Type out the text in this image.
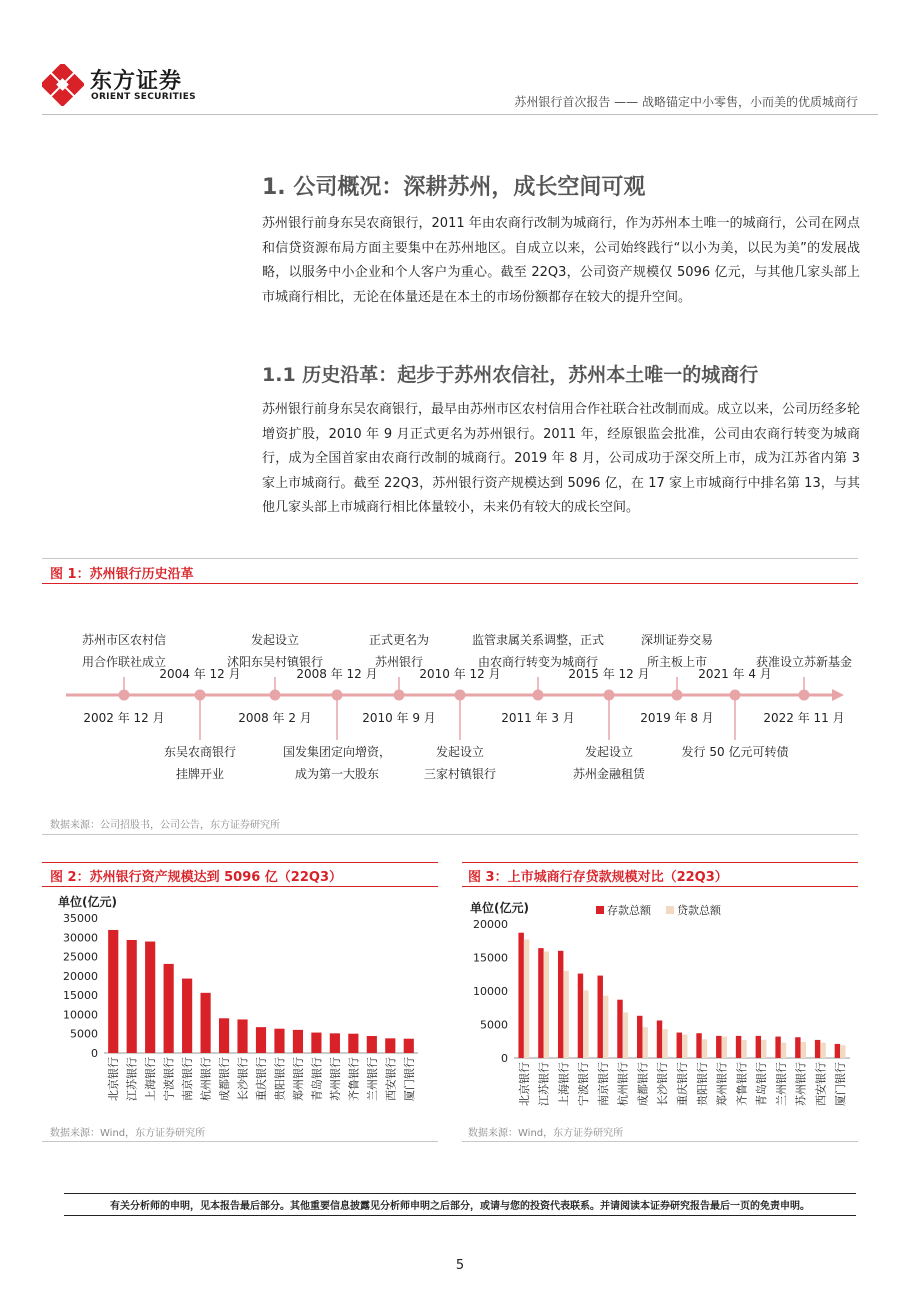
东方证券
ORIENT SECURITIES	苏州银行首次报告 —— 战略锚定中小零售，小而美的优质城商行
1. 公司概况：深耕苏州，成长空间可观
苏州银行前身东吴农商银行，2011 年由农商行改制为城商行，作为苏州本土唯一的城商行，公司在网点和信贷资源布局方面主要集中在苏州地区。自成立以来，公司始终践行“以小为美，以民为美”的发展战略，以服务中小企业和个人客户为重心。截至 22Q3，公司资产规模仅 5096 亿元，与其他几家头部上市城商行相比，无论在体量还是在本土的市场份额都存在较大的提升空间。
1.1 历史沿革：起步于苏州农信社，苏州本土唯一的城商行
苏州银行前身东吴农商银行，最早由苏州市区农村信用合作社联合社改制而成。成立以来，公司历经多轮增资扩股，2010 年 9 月正式更名为苏州银行。2011 年，经原银监会批准，公司由农商行转变为城商行，成为全国首家由农商行改制的城商行。2019 年 8 月，公司成功于深交所上市，成为江苏省内第 3 家上市城商行。截至 22Q3，苏州银行资产规模达到 5096 亿，在 17 家上市城商行中排名第 13，与其他几家头部上市城商行相比体量较小，未来仍有较大的成长空间。
图 1：苏州银行历史沿革
2002 年 12 月
苏州市区农村信
用合作联社成立
2004 年 12 月
东吴农商银行
挂牌开业
2008 年 2 月
发起设立
沭阳东吴村镇银行
2008 年 12 月
国发集团定向增资，
成为第一大股东
2010 年 9 月
正式更名为
苏州银行
2010 年 12 月
发起设立
三家村镇银行
2011 年 3 月
监管隶属关系调整，正式
由农商行转变为城商行
2015 年 12 月
发起设立
苏州金融租赁
2019 年 8 月
深圳证券交易
所主板上市
2021 年 4 月
发行 50 亿元可转债
2022 年 11 月
获准设立苏新基金
数据来源：公司招股书，公司公告，东方证券研究所
图 2：苏州银行资产规模达到 5096 亿（22Q3）
单位(亿元)
0
5000
10000
15000
20000
25000
30000
35000
北京银行 江苏银行 上海银行 宁波银行 南京银行 杭州银行 成都银行 长沙银行 重庆银行 贵阳银行 郑州银行 青岛银行 苏州银行 齐鲁银行 兰州银行 西安银行 厦门银行
数据来源：Wind，东方证券研究所
图 3：上市城商行存贷款规模对比（22Q3）
单位(亿元)
0
5000
10000
15000
20000
北京银行 江苏银行 上海银行 宁波银行 南京银行 杭州银行 成都银行 长沙银行 重庆银行 贵阳银行 郑州银行 齐鲁银行 青岛银行 兰州银行 苏州银行 西安银行 厦门银行
存款总额 贷款总额
数据来源：Wind，东方证券研究所
有关分析师的申明，见本报告最后部分。其他重要信息披露见分析师申明之后部分，或请与您的投资代表联系。并请阅读本证券研究报告最后一页的免责申明。
5
